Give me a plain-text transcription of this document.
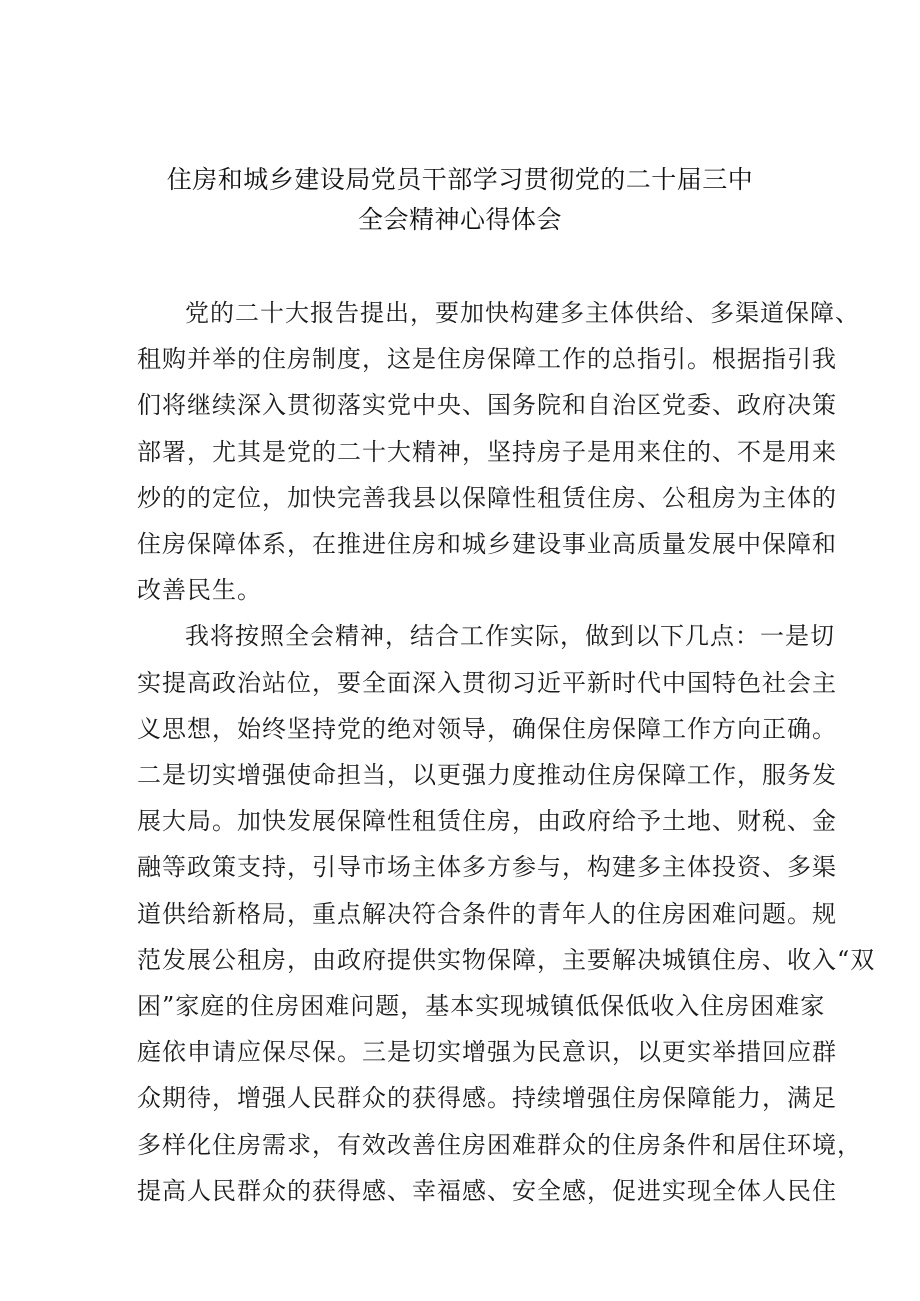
住房和城乡建设局党员干部学习贯彻党的二十届三中
全会精神心得体会
党的二十大报告提出，要加快构建多主体供给、多渠道保障、
租购并举的住房制度，这是住房保障工作的总指引。根据指引我
们将继续深入贯彻落实党中央、国务院和自治区党委、政府决策
部署，尤其是党的二十大精神，坚持房子是用来住的、不是用来
炒的的定位，加快完善我县以保障性租赁住房、公租房为主体的
住房保障体系，在推进住房和城乡建设事业高质量发展中保障和
改善民生。
我将按照全会精神，结合工作实际，做到以下几点：一是切
实提高政治站位，要全面深入贯彻习近平新时代中国特色社会主
义思想，始终坚持党的绝对领导，确保住房保障工作方向正确。
二是切实增强使命担当，以更强力度推动住房保障工作，服务发
展大局。加快发展保障性租赁住房，由政府给予土地、财税、金
融等政策支持，引导市场主体多方参与，构建多主体投资、多渠
道供给新格局，重点解决符合条件的青年人的住房困难问题。规
范发展公租房，由政府提供实物保障，主要解决城镇住房、收入“双
困”家庭的住房困难问题，基本实现城镇低保低收入住房困难家
庭依申请应保尽保。三是切实增强为民意识，以更实举措回应群
众期待，增强人民群众的获得感。持续增强住房保障能力，满足
多样化住房需求，有效改善住房困难群众的住房条件和居住环境，
提高人民群众的获得感、幸福感、安全感，促进实现全体人民住
